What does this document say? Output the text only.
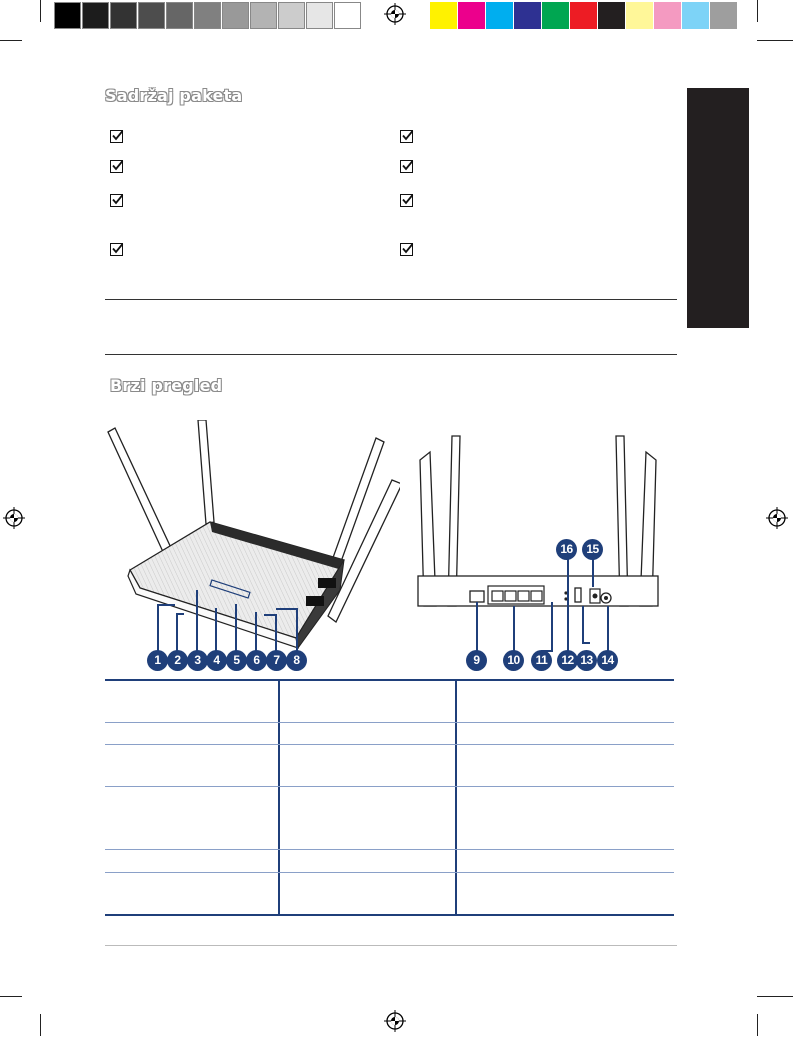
Sadržaj paketa
Brzi pregled
1	2	3	4	5	6	7	8	9	10	11	12 13 14
16	15
